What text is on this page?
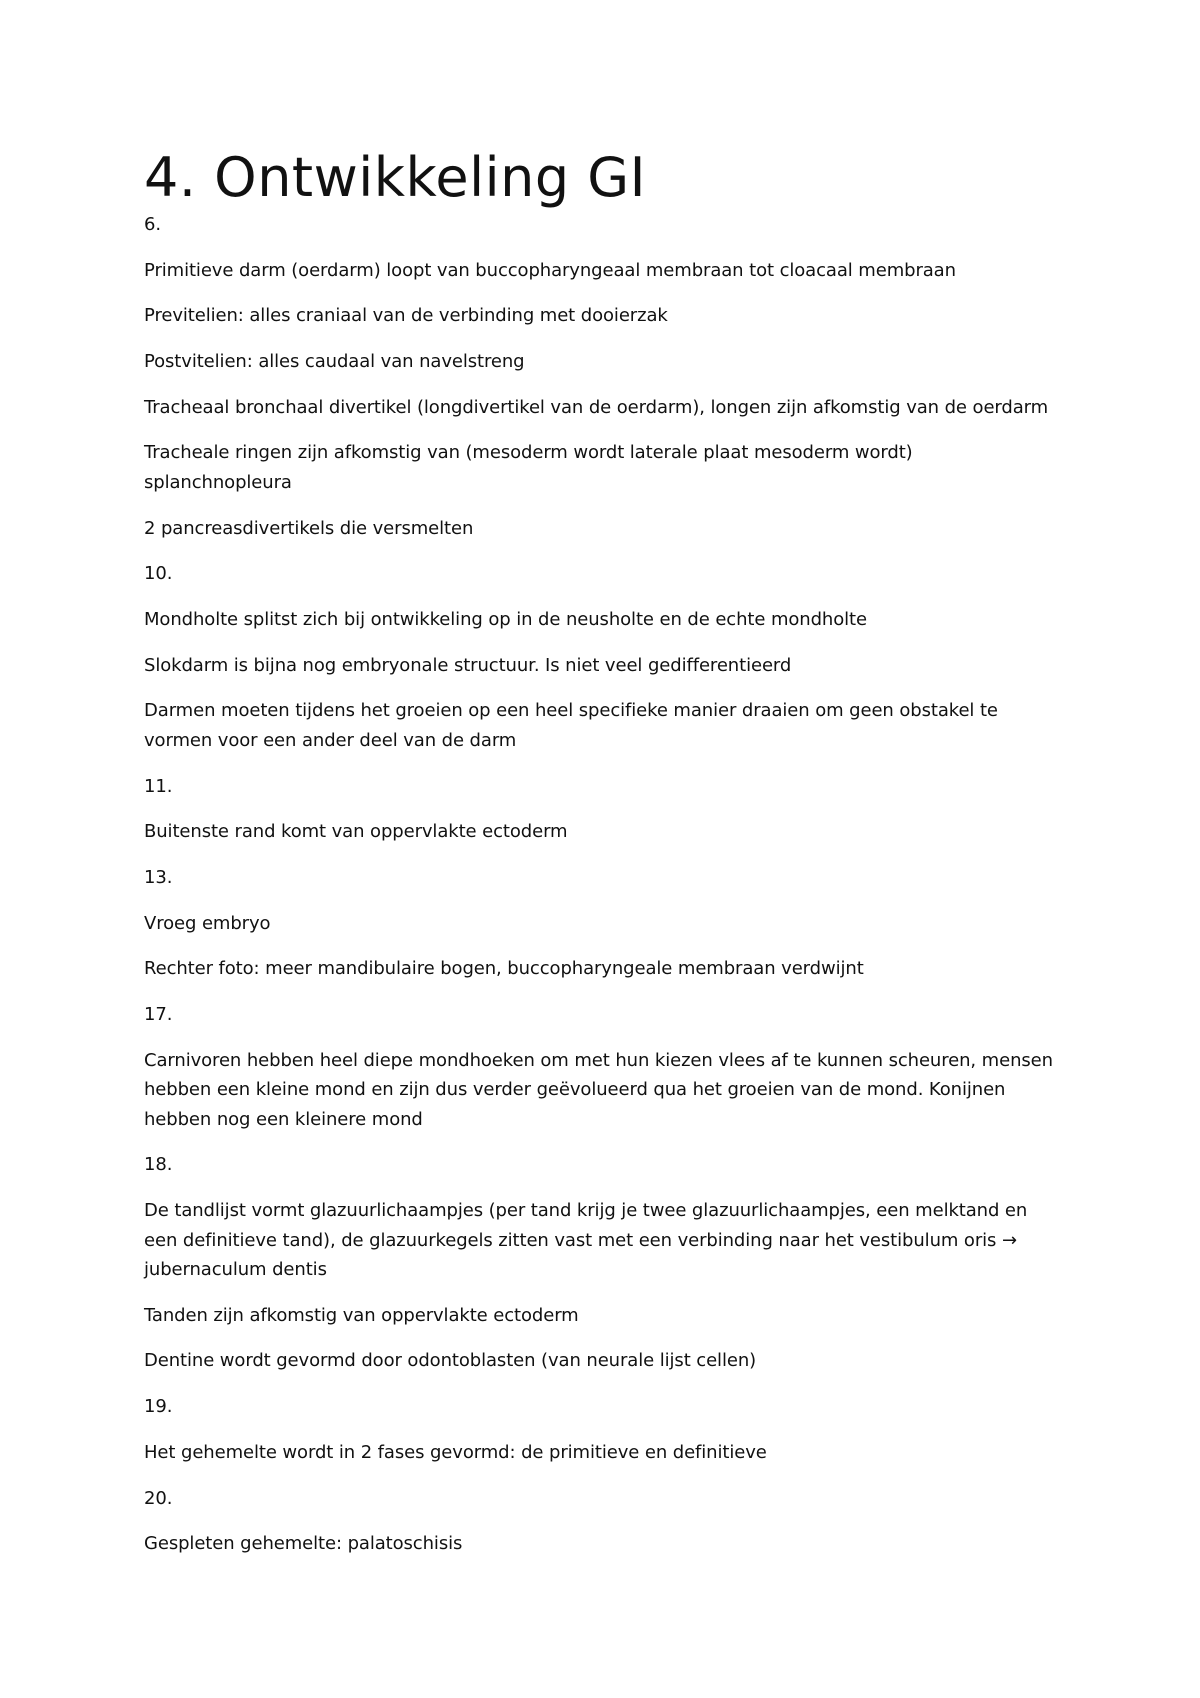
4. Ontwikkeling GI

6.

Primitieve darm (oerdarm) loopt van buccopharyngeaal membraan tot cloacaal membraan

Previtelien: alles craniaal van de verbinding met dooierzak

Postvitelien: alles caudaal van navelstreng

Tracheaal bronchaal divertikel (longdivertikel van de oerdarm), longen zijn afkomstig van de oerdarm

Tracheale ringen zijn afkomstig van (mesoderm wordt laterale plaat mesoderm wordt) splanchnopleura

2 pancreasdivertikels die versmelten

10.

Mondholte splitst zich bij ontwikkeling op in de neusholte en de echte mondholte

Slokdarm is bijna nog embryonale structuur. Is niet veel gedifferentieerd

Darmen moeten tijdens het groeien op een heel specifieke manier draaien om geen obstakel te vormen voor een ander deel van de darm

11.

Buitenste rand komt van oppervlakte ectoderm

13.

Vroeg embryo

Rechter foto: meer mandibulaire bogen, buccopharyngeale membraan verdwijnt

17.

Carnivoren hebben heel diepe mondhoeken om met hun kiezen vlees af te kunnen scheuren, mensen hebben een kleine mond en zijn dus verder geëvolueerd qua het groeien van de mond. Konijnen hebben nog een kleinere mond

18.

De tandlijst vormt glazuurlichaampjes (per tand krijg je twee glazuurlichaampjes, een melktand en een definitieve tand), de glazuurkegels zitten vast met een verbinding naar het vestibulum oris →
jubernaculum dentis

Tanden zijn afkomstig van oppervlakte ectoderm

Dentine wordt gevormd door odontoblasten (van neurale lijst cellen)

19.

Het gehemelte wordt in 2 fases gevormd: de primitieve en definitieve

20.

Gespleten gehemelte: palatoschisis
